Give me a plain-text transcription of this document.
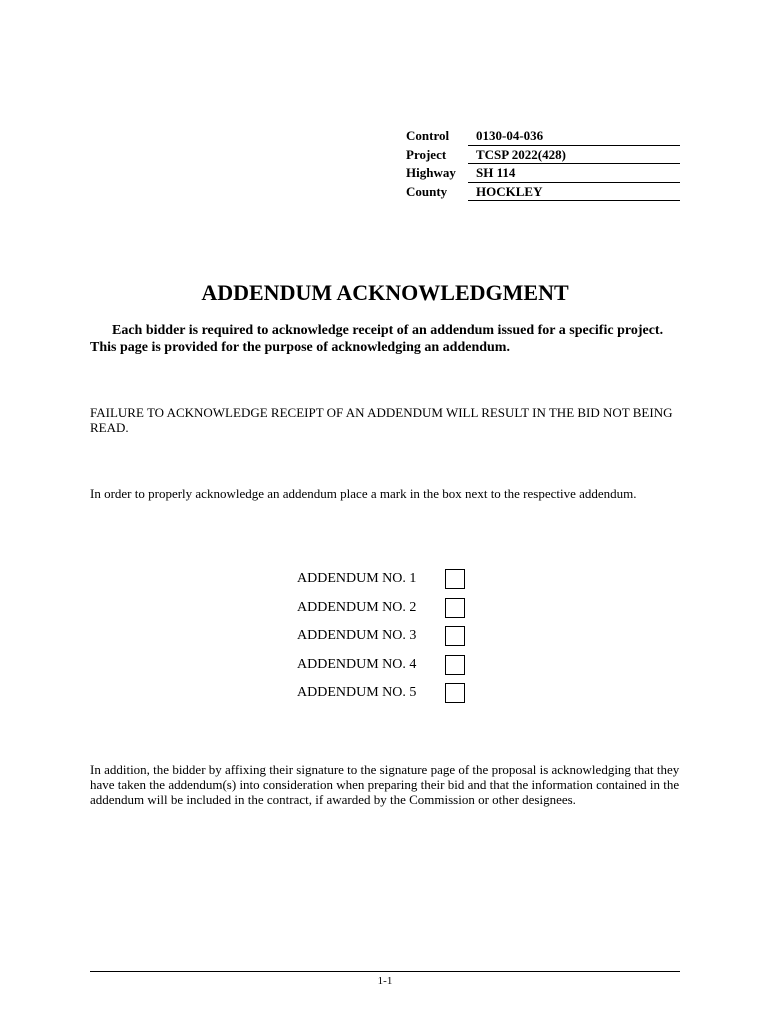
Control	0130-04-036
Project	TCSP 2022(428)
Highway	SH 114
County	HOCKLEY
ADDENDUM ACKNOWLEDGMENT
Each bidder is required to acknowledge receipt of an addendum issued for a specific project. This page is provided for the purpose of acknowledging an addendum.
FAILURE TO ACKNOWLEDGE RECEIPT OF AN ADDENDUM WILL RESULT IN THE BID NOT BEING READ.
In order to properly acknowledge an addendum place a mark in the box next to the respective addendum.
ADDENDUM NO. 1
ADDENDUM NO. 2
ADDENDUM NO. 3
ADDENDUM NO. 4
ADDENDUM NO. 5
In addition, the bidder by affixing their signature to the signature page of the proposal is acknowledging that they have taken the addendum(s) into consideration when preparing their bid and that the information contained in the addendum will be included in the contract, if awarded by the Commission or other designees.
1-1
